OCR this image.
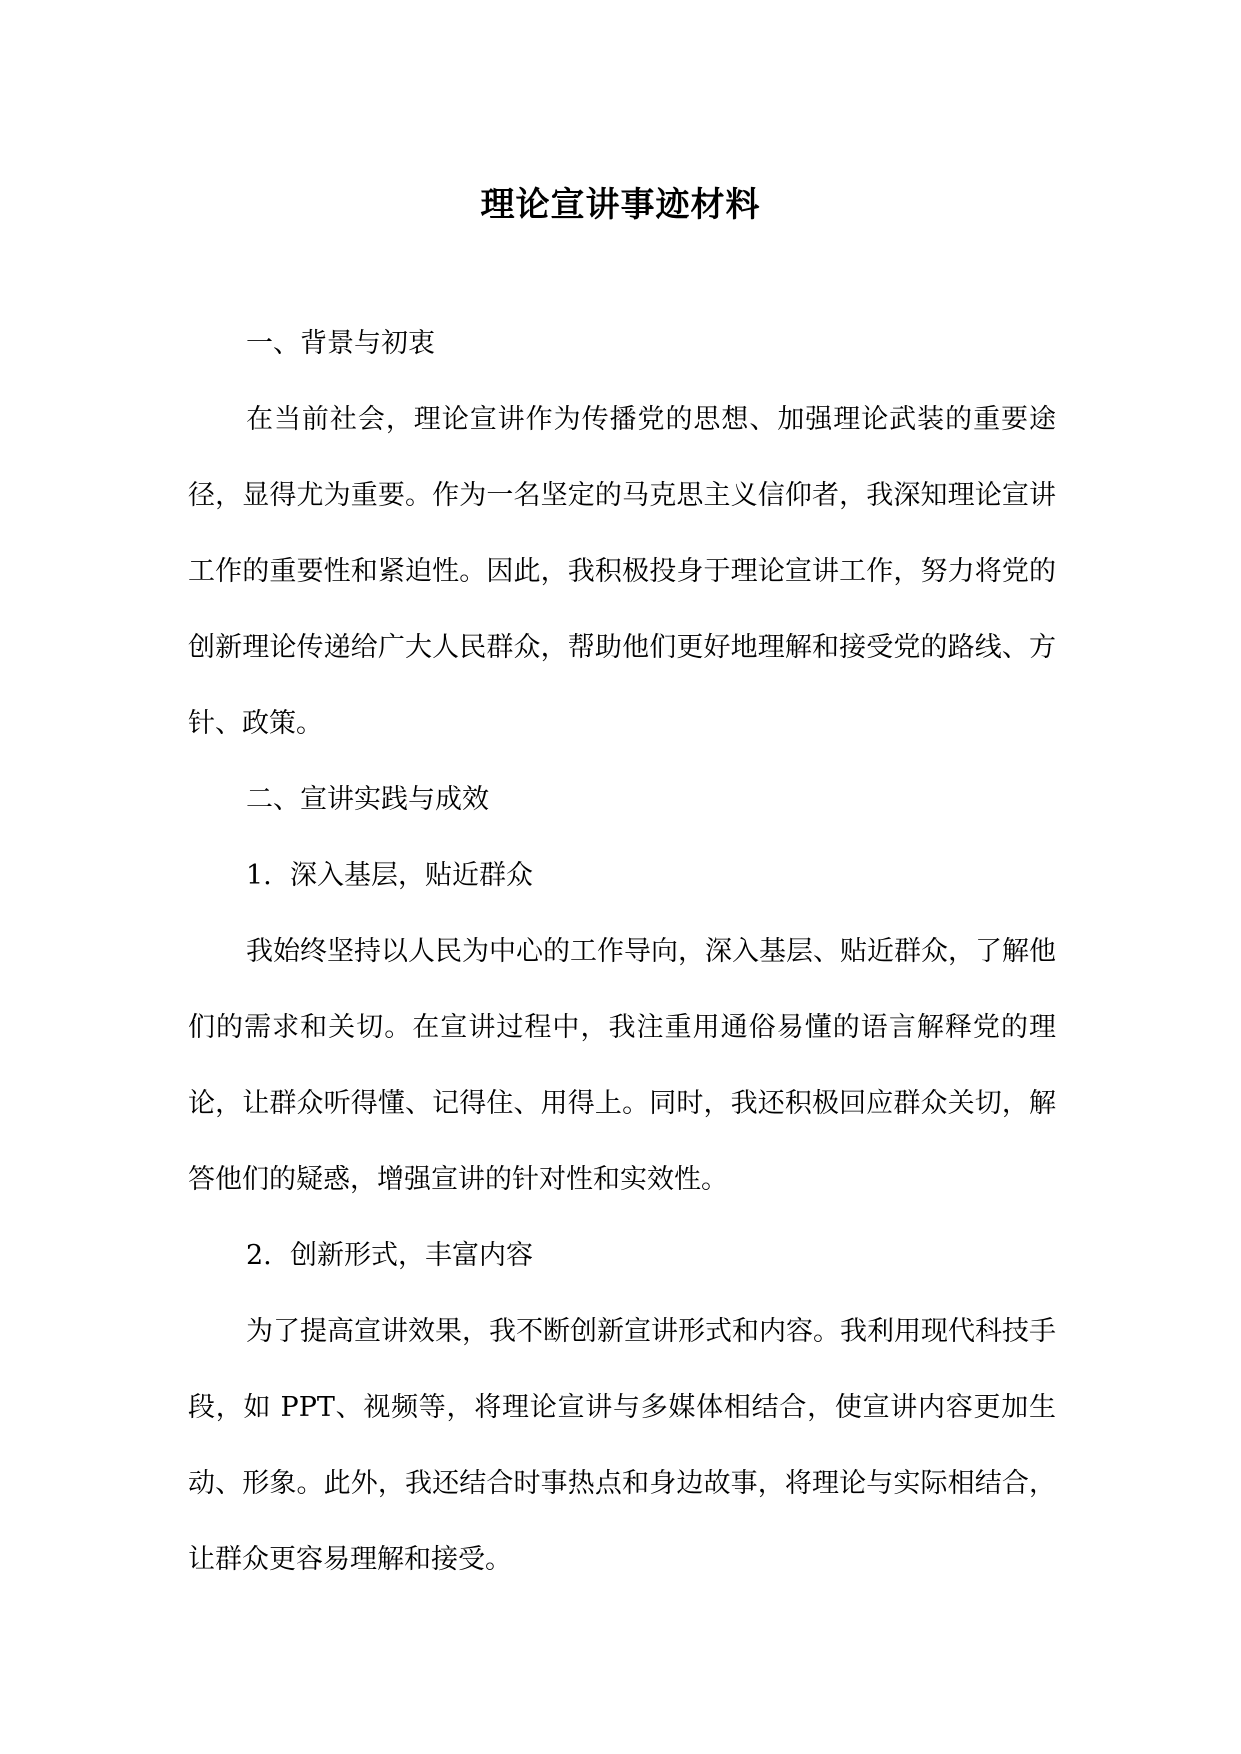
理论宣讲事迹材料

一、背景与初衷

在当前社会，理论宣讲作为传播党的思想、加强理论武装的重要途径，显得尤为重要。作为一名坚定的马克思主义信仰者，我深知理论宣讲工作的重要性和紧迫性。因此，我积极投身于理论宣讲工作，努力将党的创新理论传递给广大人民群众，帮助他们更好地理解和接受党的路线、方针、政策。

二、宣讲实践与成效

1. 深入基层，贴近群众

我始终坚持以人民为中心的工作导向，深入基层、贴近群众，了解他们的需求和关切。在宣讲过程中，我注重用通俗易懂的语言解释党的理论，让群众听得懂、记得住、用得上。同时，我还积极回应群众关切，解答他们的疑惑，增强宣讲的针对性和实效性。

2. 创新形式，丰富内容

为了提高宣讲效果，我不断创新宣讲形式和内容。我利用现代科技手段，如 PPT、视频等，将理论宣讲与多媒体相结合，使宣讲内容更加生动、形象。此外，我还结合时事热点和身边故事，将理论与实际相结合，让群众更容易理解和接受。
